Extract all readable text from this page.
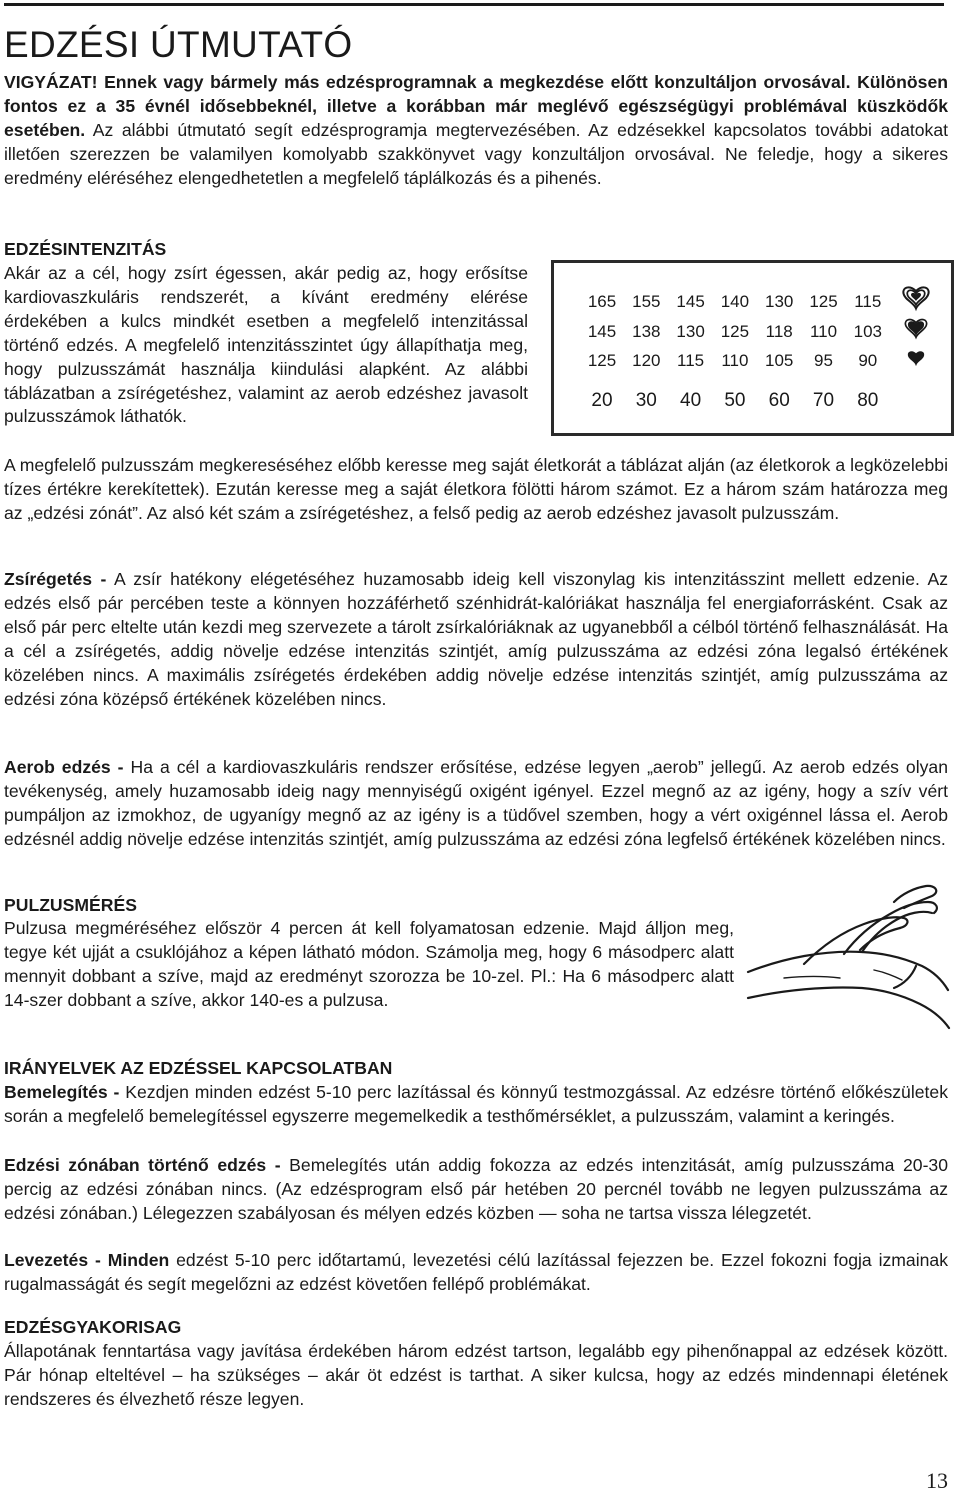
EDZÉSI ÚTMUTATÓ

VIGYÁZAT! Ennek vagy bármely más edzésprogramnak a megkezdése előtt konzultáljon orvosával. Különösen fontos ez a 35 évnél idősebbeknél, illetve a korábban már meglévő egészségügyi problémával küszködők esetében. Az alábbi útmutató segít edzésprogramja megtervezésében. Az edzésekkel kapcsolatos további adatokat illetően szerezzen be valamilyen komolyabb szakkönyvet vagy konzultáljon orvosával. Ne feledje, hogy a sikeres eredmény eléréséhez elengedhetetlen a megfelelő táplálkozás és a pihenés.

EDZÉSINTENZITÁS

Akár az a cél, hogy zsírt égessen, akár pedig az, hogy erősítse kardiovaszkuláris rendszerét, a kívánt eredmény elérése érdekében a kulcs mindkét esetben a megfelelő intenzitással történő edzés. A megfelelő intenzitásszintet úgy állapíthatja meg, hogy pulzusszámát használja kiindulási alapként. Az alábbi táblázatban a zsírégetéshez, valamint az aerob edzéshez javasolt pulzusszámok láthatók.

165 155 145 140 130 125 115
145 138 130 125 118 110 103
125 120 115 110 105 95 90
20 30 40 50 60 70 80

A megfelelő pulzusszám megkereséséhez előbb keresse meg saját életkorát a táblázat alján (az életkorok a legközelebbi tízes értékre kerekítettek). Ezután keresse meg a saját életkora fölötti három számot. Ez a három szám határozza meg az „edzési zónát”. Az alsó két szám a zsírégetéshez, a felső pedig az aerob edzéshez javasolt pulzusszám.

Zsírégetés - A zsír hatékony elégetéséhez huzamosabb ideig kell viszonylag kis intenzitásszint mellett edzenie. Az edzés első pár percében teste a könnyen hozzáférhető szénhidrát-kalóriákat használja fel energiaforrásként. Csak az első pár perc eltelte után kezdi meg szervezete a tárolt zsírkalóriáknak az ugyanebből a célból történő felhasználását. Ha a cél a zsírégetés, addig növelje edzése intenzitás szintjét, amíg pulzusszáma az edzési zóna legalsó értékének közelében nincs. A maximális zsírégetés érdekében addig növelje edzése intenzitás szintjét, amíg pulzusszáma az edzési zóna középső értékének közelében nincs.

Aerob edzés - Ha a cél a kardiovaszkuláris rendszer erősítése, edzése legyen „aerob” jellegű. Az aerob edzés olyan tevékenység, amely huzamosabb ideig nagy mennyiségű oxigént igényel. Ezzel megnő az az igény, hogy a szív vért pumpáljon az izmokhoz, de ugyanígy megnő az az igény is a tüdővel szemben, hogy a vért oxigénnel lássa el. Aerob edzésnél addig növelje edzése intenzitás szintjét, amíg pulzusszáma az edzési zóna legfelső értékének közelében nincs.

PULZUSMÉRÉS

Pulzusa megméréséhez először 4 percen át kell folyamatosan edzenie. Majd álljon meg, tegye két ujját a csuklójához a képen látható módon. Számolja meg, hogy 6 másodperc alatt mennyit dobbant a szíve, majd az eredményt szorozza be 10-zel. Pl.: Ha 6 másodperc alatt 14-szer dobbant a szíve, akkor 140-es a pulzusa.

IRÁNYELVEK AZ EDZÉSSEL KAPCSOLATBAN

Bemelegítés - Kezdjen minden edzést 5-10 perc lazítással és könnyű testmozgással. Az edzésre történő előkészületek során a megfelelő bemelegítéssel egyszerre megemelkedik a testhőmérséklet, a pulzusszám, valamint a keringés.

Edzési zónában történő edzés - Bemelegítés után addig fokozza az edzés intenzitását, amíg pulzusszáma 20-30 percig az edzési zónában nincs. (Az edzésprogram első pár hetében 20 percnél tovább ne legyen pulzusszáma az edzési zónában.) Lélegezzen szabályosan és mélyen edzés közben — soha ne tartsa vissza lélegzetét.

Levezetés - Minden edzést 5-10 perc időtartamú, levezetési célú lazítással fejezzen be. Ezzel fokozni fogja izmainak rugalmasságát és segít megelőzni az edzést követően fellépő problémákat.

EDZÉSGYAKORISAG

Állapotának fenntartása vagy javítása érdekében három edzést tartson, legalább egy pihenőnappal az edzések között. Pár hónap elteltével – ha szükséges – akár öt edzést is tarthat. A siker kulcsa, hogy az edzés mindennapi életének rendszeres és élvezhető része legyen.

13
